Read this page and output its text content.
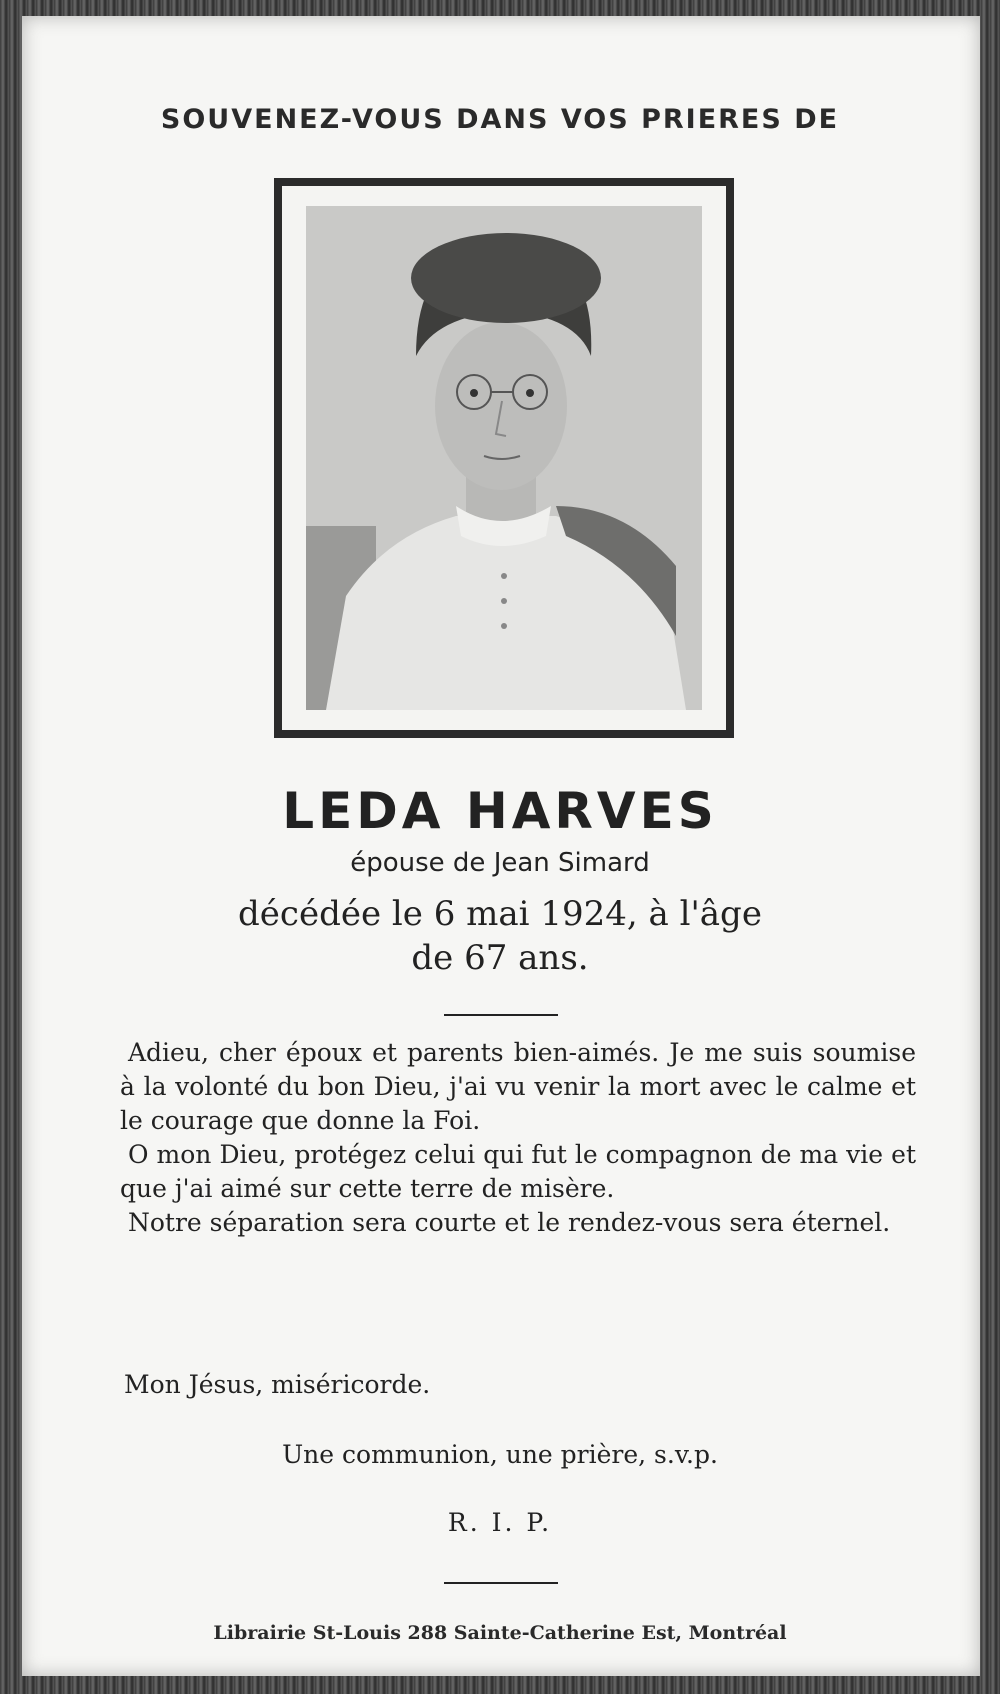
SOUVENEZ-VOUS DANS VOS PRIERES DE
LEDA HARVES
épouse de Jean Simard
décédée le 6 mai 1924, à l'âge
de 67 ans.

Adieu, cher époux et parents bien-aimés. Je me suis soumise à la volonté du bon Dieu, j'ai vu venir la mort avec le calme et le courage que donne la Foi.

O mon Dieu, protégez celui qui fut le compagnon de ma vie et que j'ai aimé sur cette terre de misère.

Notre séparation sera courte et le rendez-vous sera éternel.

Mon Jésus, miséricorde.
Une communion, une prière, s.v.p.
R. I. P.
Librairie St-Louis 288 Sainte-Catherine Est, Montréal
